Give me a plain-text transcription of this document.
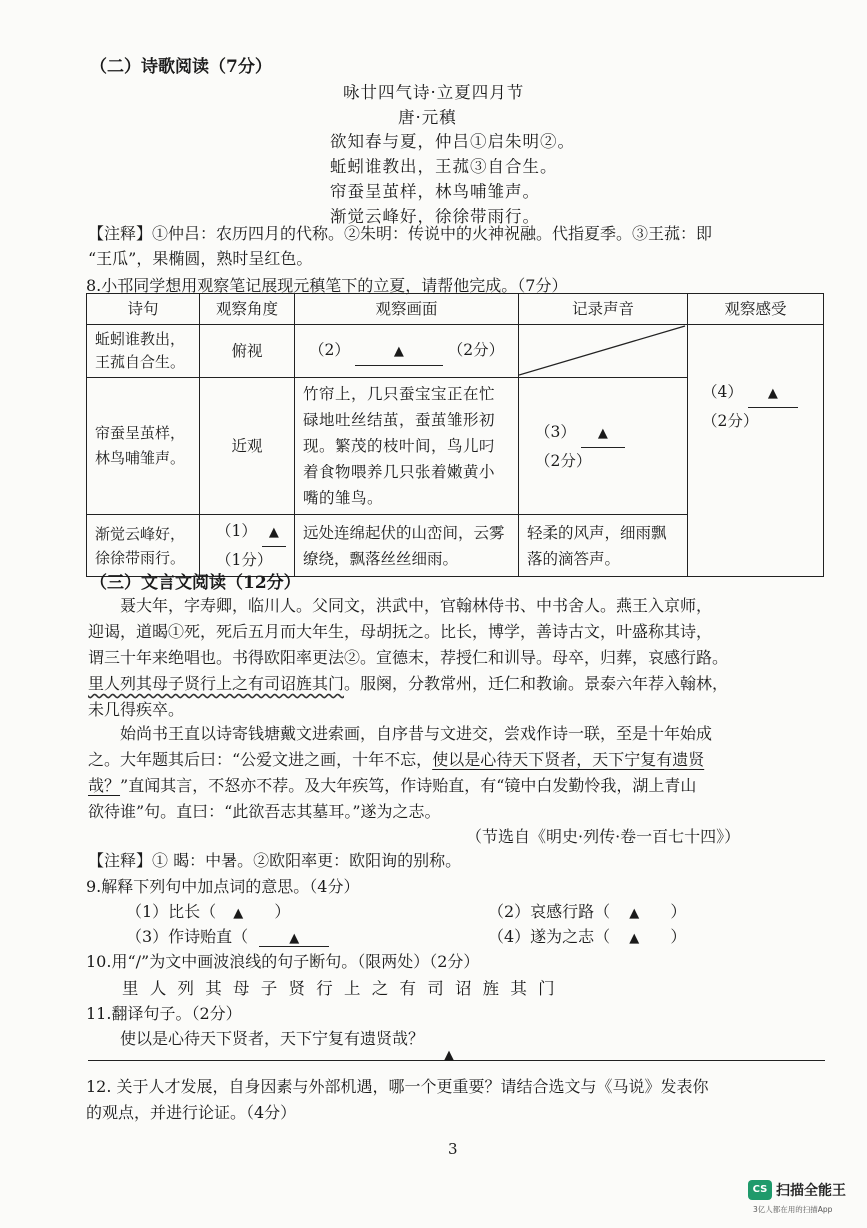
（二）诗歌阅读（7分）
咏廿四气诗·立夏四月节
唐·元稹
欲知春与夏，仲吕①启朱明②。
蚯蚓谁教出，王菰③自合生。
帘蚕呈茧样，林鸟哺雏声。
渐觉云峰好，徐徐带雨行。
【注释】①仲吕：农历四月的代称。②朱明：传说中的火神祝融。代指夏季。③王菰：即
“王瓜”，果椭圆，熟时呈红色。
8.小邗同学想用观察笔记展现元稹笔下的立夏，请帮他完成。（7分）
诗句	观察角度	观察画面	记录声音	观察感受
蚯蚓谁教出，王菰自合生。	俯视	（2） ▲ （2分）		（4） ▲
（2分）

帘蚕呈茧样，林鸟哺雏声。	近观	竹帘上，几只蚕宝宝正在忙碌地吐丝结茧，蚕茧雏形初现。繁茂的枝叶间，鸟儿叼着食物喂养几只张着嫩黄小嘴的雏鸟。	（3） ▲ （2分）	
渐觉云峰好，徐徐带雨行。	（1） ▲
（1分）	远处连绵起伏的山峦间，云雾缭绕，飘落丝丝细雨。	轻柔的风声，细雨飘落的滴答声。	
（三）文言文阅读（12分）
聂大年，字寿卿，临川人。父同文，洪武中，官翰林侍书、中书舍人。燕王入京师，
迎谒，道暍①死，死后五月而大年生，母胡抚之。比长，博学，善诗古文，叶盛称其诗，
谓三十年来绝唱也。书得欧阳率更法②。宣德末，荐授仁和训导。母卒，归葬，哀感行路。
里人列其母子贤行上之有司诏旌其门。服阕，分教常州，迁仁和教谕。景泰六年荐入翰林，
未几得疾卒。
始尚书王直以诗寄钱塘戴文进索画，自序昔与文进交，尝戏作诗一联，至是十年始成
之。大年题其后曰：“公爱文进之画，十年不忘，使以是心待天下贤者，天下宁复有遗贤
哉？”直闻其言，不怒亦不荐。及大年疾笃，作诗贻直，有“镜中白发勤怜我，湖上青山
欲待谁”句。直曰：“此欲吾志其墓耳。”遂为之志。
（节选自《明史·列传·卷一百七十四》）
【注释】① 暍：中暑。②欧阳率更：欧阳询的别称。
9.解释下列句中加点词的意思。（4分）
（1）比长（ ▲ ）	（2）哀感行路（ ▲ ）
（3）作诗贻直（	▲	（4）遂为之志（ ▲ ）
10.用“/”为文中画波浪线的句子断句。（限两处）（2分）
里 人 列 其 母 子 贤 行 上 之 有 司 诏 旌 其 门
11.翻译句子。（2分）
使以是心待天下贤者，天下宁复有遗贤哉？
▲
12. 关于人才发展，自身因素与外部机遇，哪一个更重要？请结合选文与《马说》发表你
的观点，并进行论证。（4分）
3
CS 扫描全能王
3亿人都在用的扫描App
